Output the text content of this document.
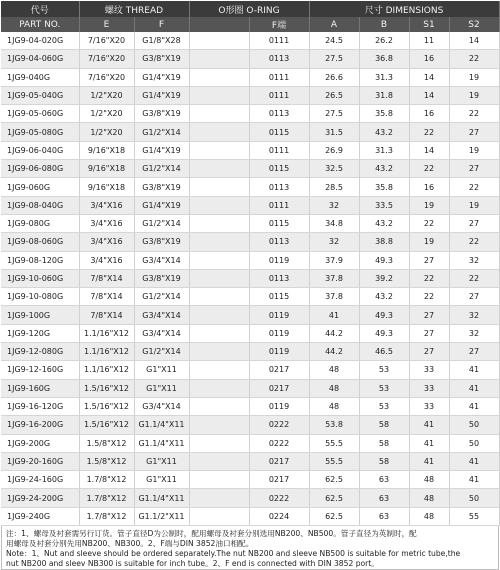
代号	螺纹 THREAD		O形圈 O-RING		尺寸 DIMENSIONS			
PART NO.	E	F		F端	A	B	S1	S2
1JG9-04-020G	7/16"X20	G1/8"X28		0111	24.5	26.2	11	14
1JG9-04-060G	7/16"X20	G3/8"X19		0113	27.5	36.8	16	22
1JG9-040G	7/16"X20	G1/4"X19		0111	26.6	31.3	14	19
1JG9-05-040G	1/2"X20	G1/4"X19		0111	26.5	31.8	14	19
1JG9-05-060G	1/2"X20	G3/8"X19		0113	27.5	35.8	16	22
1JG9-05-080G	1/2"X20	G1/2"X14		0115	31.5	43.2	22	27
1JG9-06-040G	9/16"X18	G1/4"X19		0111	26.9	31.3	14	19
1JG9-06-080G	9/16"X18	G1/2"X14		0115	32.5	43.2	22	27
1JG9-060G	9/16"X18	G3/8"X19		0113	28.5	35.8	16	22
1JG9-08-040G	3/4"X16	G1/4"X19		0111	32	33.5	19	19
1JG9-080G	3/4"X16	G1/2"X14		0115	34.8	43.2	22	27
1JG9-08-060G	3/4"X16	G3/8"X19		0113	32	38.8	19	22
1JG9-08-120G	3/4"X16	G3/4"X14		0119	37.9	49.3	27	32
1JG9-10-060G	7/8"X14	G3/8"X19		0113	37.8	39.2	22	22
1JG9-10-080G	7/8"X14	G1/2"X14		0115	37.8	43.2	22	27
1JG9-100G	7/8"X14	G3/4"X14		0119	41	49.3	27	32
1JG9-120G	1.1/16"X12	G3/4"X14		0119	44.2	49.3	27	32
1JG9-12-080G	1.1/16"X12	G1/2"X14		0119	44.2	46.5	27	27
1JG9-12-160G	1.1/16"X12	G1"X11		0217	48	53	33	41
1JG9-160G	1.5/16"X12	G1"X11		0217	48	53	33	41
1JG9-16-120G	1.5/16"X12	G3/4"X14		0119	48	53	33	41
1JG9-16-200G	1.5/16"X12	G1.1/4"X11		0222	53.8	58	41	50
1JG9-200G	1.5/8"X12	G1.1/4"X11		0222	55.5	58	41	50
1JG9-20-160G	1.5/8"X12	G1"X11		0217	55.5	58	41	41
1JG9-24-160G	1.7/8"X12	G1"X11		0217	62.5	63	48	41
1JG9-24-200G	1.7/8"X12	G1.1/4"X11		0222	62.5	63	48	50
1JG9-240G	1.7/8"X12	G1.1/2"X11		0224	62.5	63	48	55
注：1、螺母及衬套需另行订货。管子直径D为公制时，配用螺母及衬套分别选用NB200、NB500。管子直径为英制时，配
用螺母及衬套分别先用NB200、NB300。2、F端与DIN 3852油口相配。
Note：1、Nut and sleeve should be ordered separately.The nut NB200 and sleeve NB500 is suitable for metric tube,the
nut NB200 and sleev NB300 is suitable for inch tube。2、F end is connected with DIN 3852 port。
